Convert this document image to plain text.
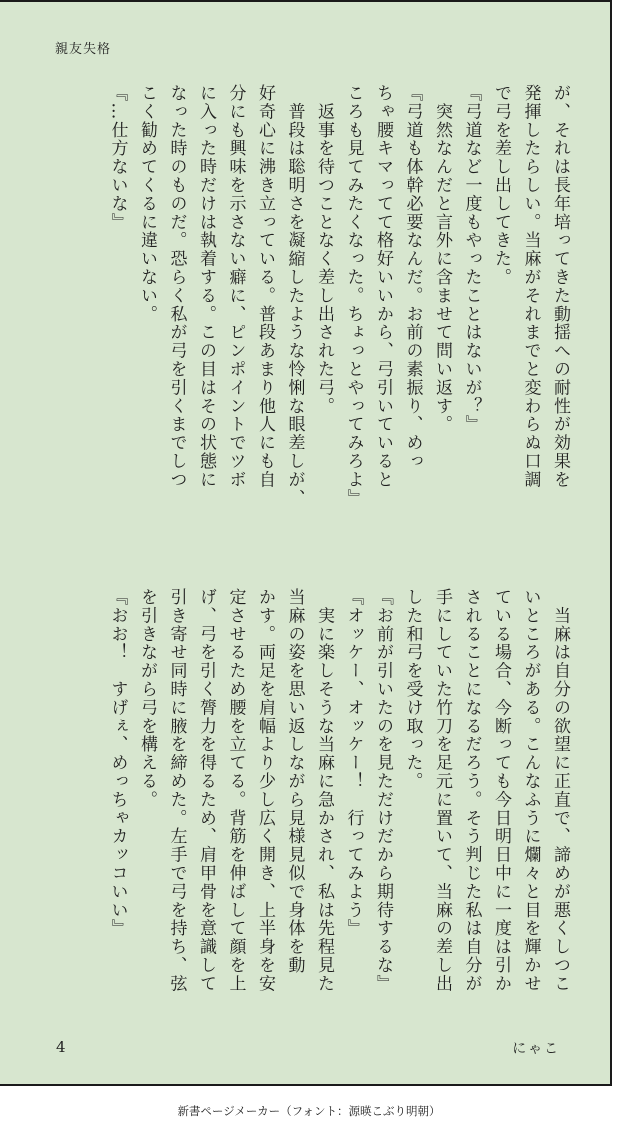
親友失格

が、それは長年培ってきた動揺への耐性が効果を

発揮したらしい。当麻がそれまでと変わらぬ口調

で弓を差し出してきた。

『弓道など一度もやったことはないが？』

　突然なんだと言外に含ませて問い返す。

『弓道も体幹必要なんだ。お前の素振り、めっ

ちゃ腰キマってて格好いいから、弓引いていると

ころも見てみたくなった。ちょっとやってみろよ』

　返事を待つことなく差し出された弓。

　普段は聡明さを凝縮したような怜悧な眼差しが、

好奇心に沸き立っている。普段あまり他人にも自

分にも興味を示さない癖に、ピンポイントでツボ

に入った時だけは執着する。この目はその状態に

なった時のものだ。恐らく私が弓を引くまでしつ

こく勧めてくるに違いない。

『…仕方ないな』

　当麻は自分の欲望に正直で、諦めが悪くしつこ

いところがある。こんなふうに爛々と目を輝かせ

ている場合、今断っても今日明日中に一度は引か

されることになるだろう。そう判じた私は自分が

手にしていた竹刀を足元に置いて、当麻の差し出

した和弓を受け取った。

『お前が引いたのを見ただけだから期待するな』

『オッケー、オッケー！　行ってみよう』

　実に楽しそうな当麻に急かされ、私は先程見た

当麻の姿を思い返しながら見様見似で身体を動

かす。両足を肩幅より少し広く開き、上半身を安

定させるため腰を立てる。背筋を伸ばして顔を上

げ、弓を引く膂力を得るため、肩甲骨を意識して

引き寄せ同時に腋を締めた。左手で弓を持ち、弦

を引きながら弓を構える。

『おお！　すげぇ、めっちゃカッコいい』

4	にゃこ
新書ページメーカー（フォント：源暎こぶり明朝）
